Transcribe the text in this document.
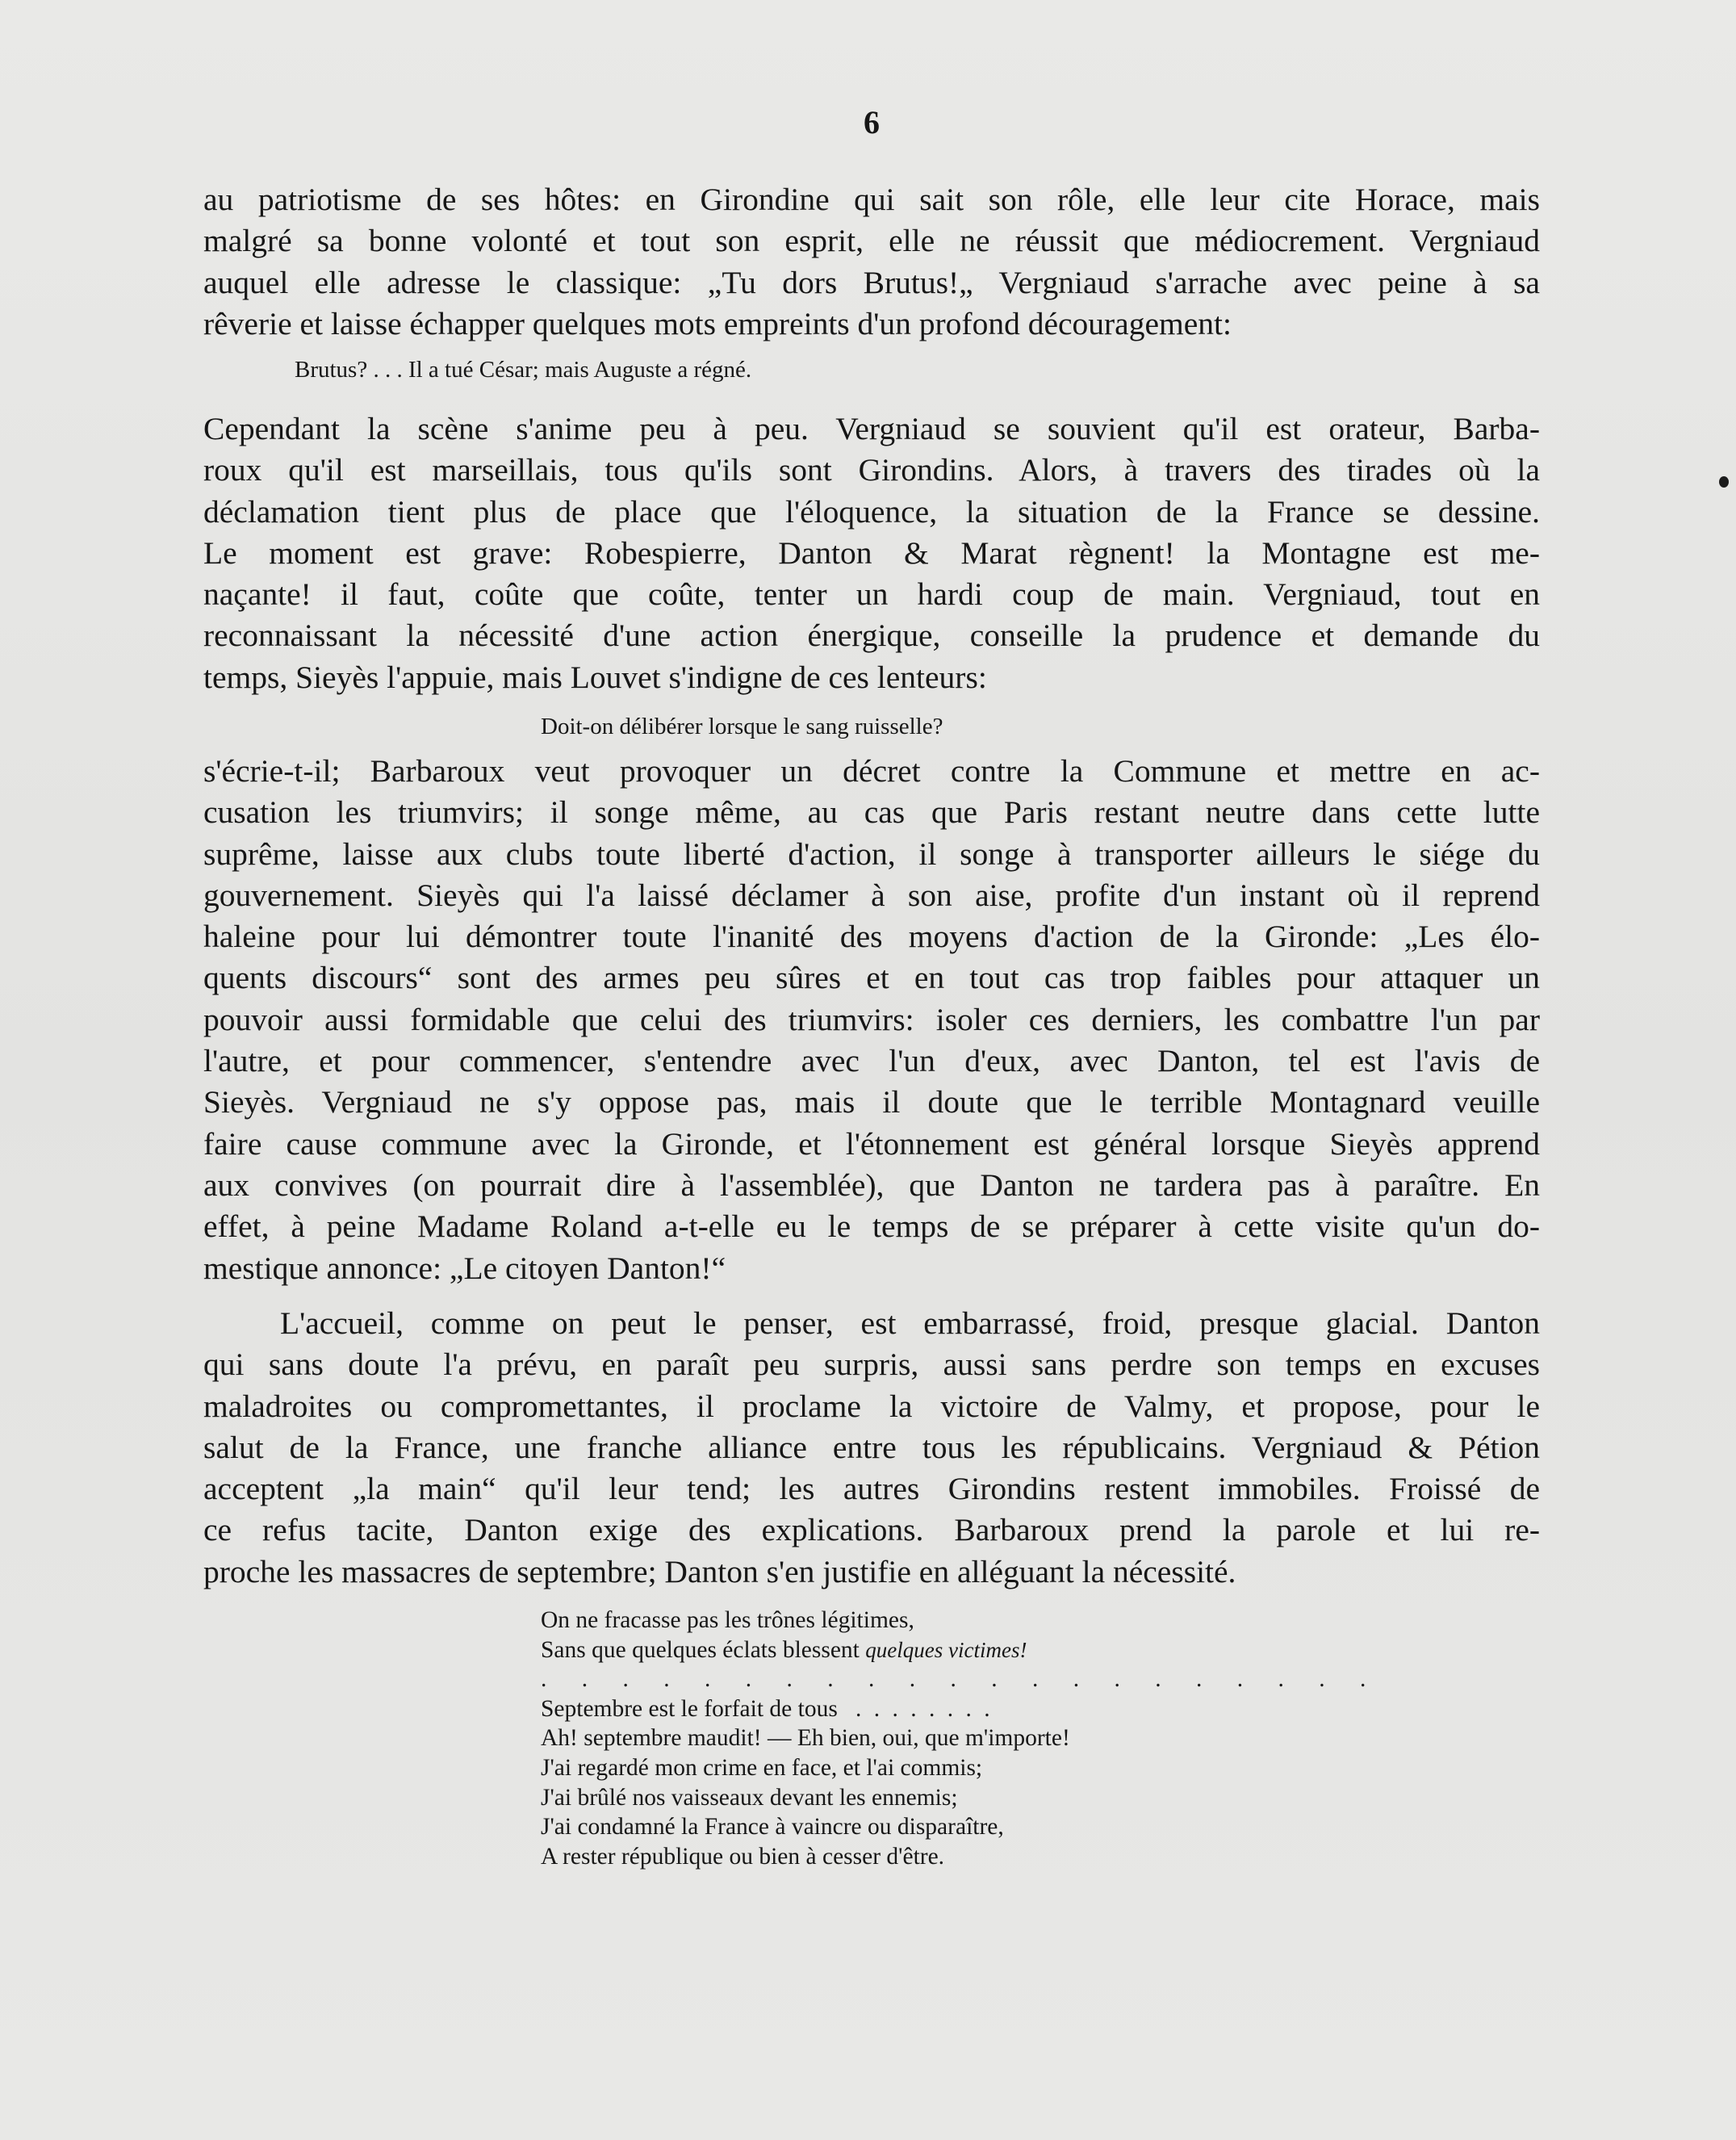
6
au patriotisme de ses hôtes: en Girondine qui sait son rôle, elle leur cite Horace, mais
malgré sa bonne volonté et tout son esprit, elle ne réussit que médiocrement. Vergniaud
auquel elle adresse le classique: „Tu dors Brutus!„ Vergniaud s'arrache avec peine à sa
rêverie et laisse échapper quelques mots empreints d'un profond découragement:
Brutus? . . . Il a tué César; mais Auguste a régné.
Cependant la scène s'anime peu à peu. Vergniaud se souvient qu'il est orateur, Barba-
roux qu'il est marseillais, tous qu'ils sont Girondins. Alors, à travers des tirades où la
déclamation tient plus de place que l'éloquence, la situation de la France se dessine.
Le moment est grave: Robespierre, Danton & Marat règnent! la Montagne est me-
naçante! il faut, coûte que coûte, tenter un hardi coup de main. Vergniaud, tout en
reconnaissant la nécessité d'une action énergique, conseille la prudence et demande du
temps, Sieyès l'appuie, mais Louvet s'indigne de ces lenteurs:
Doit-on délibérer lorsque le sang ruisselle?
s'écrie-t-il; Barbaroux veut provoquer un décret contre la Commune et mettre en ac-
cusation les triumvirs; il songe même, au cas que Paris restant neutre dans cette lutte
suprême, laisse aux clubs toute liberté d'action, il songe à transporter ailleurs le siége du
gouvernement. Sieyès qui l'a laissé déclamer à son aise, profite d'un instant où il reprend
haleine pour lui démontrer toute l'inanité des moyens d'action de la Gironde: „Les élo-
quents discours“ sont des armes peu sûres et en tout cas trop faibles pour attaquer un
pouvoir aussi formidable que celui des triumvirs: isoler ces derniers, les combattre l'un par
l'autre, et pour commencer, s'entendre avec l'un d'eux, avec Danton, tel est l'avis de
Sieyès. Vergniaud ne s'y oppose pas, mais il doute que le terrible Montagnard veuille
faire cause commune avec la Gironde, et l'étonnement est général lorsque Sieyès apprend
aux convives (on pourrait dire à l'assemblée), que Danton ne tardera pas à paraître. En
effet, à peine Madame Roland a-t-elle eu le temps de se préparer à cette visite qu'un do-
mestique annonce: „Le citoyen Danton!“
L'accueil, comme on peut le penser, est embarrassé, froid, presque glacial. Danton
qui sans doute l'a prévu, en paraît peu surpris, aussi sans perdre son temps en excuses
maladroites ou compromettantes, il proclame la victoire de Valmy, et propose, pour le
salut de la France, une franche alliance entre tous les républicains. Vergniaud & Pétion
acceptent „la main“ qu'il leur tend; les autres Girondins restent immobiles. Froissé de
ce refus tacite, Danton exige des explications. Barbaroux prend la parole et lui re-
proche les massacres de septembre; Danton s'en justifie en alléguant la nécessité.
On ne fracasse pas les trônes légitimes,
Sans que quelques éclats blessent quelques victimes!
. . . . . . . . . . . . . . . . . . . . .
Septembre est le forfait de tous . . . . . . . .
Ah! septembre maudit! — Eh bien, oui, que m'importe!
J'ai regardé mon crime en face, et l'ai commis;
J'ai brûlé nos vaisseaux devant les ennemis;
J'ai condamné la France à vaincre ou disparaître,
A rester république ou bien à cesser d'être.
